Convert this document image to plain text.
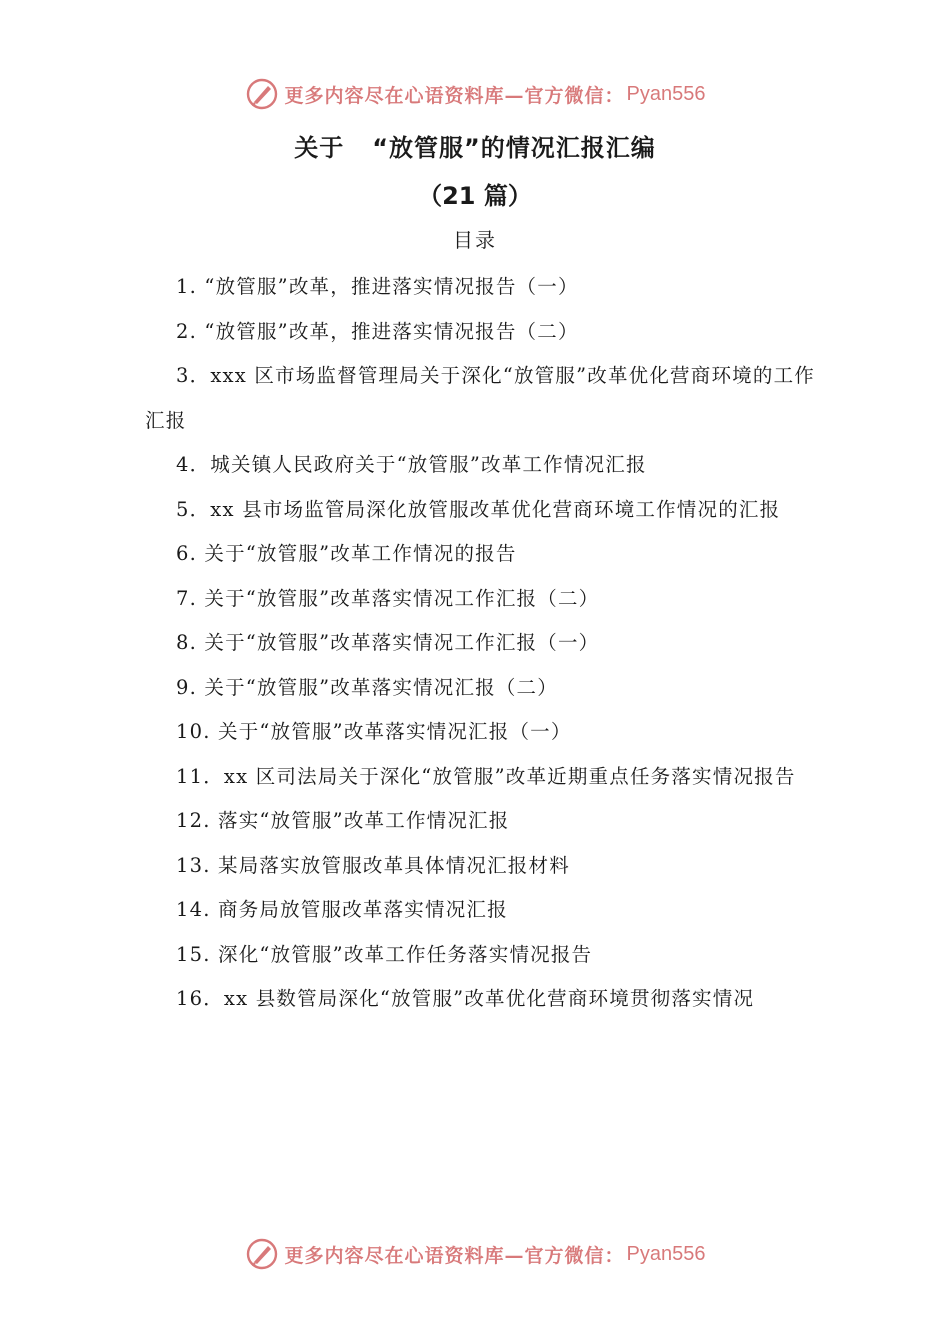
更多内容尽在心语资料库—官方微信： Pyan556
关于 “放管服”的情况汇报汇编
（21 篇）
目录

1. “放管服”改革，推进落实情况报告（一）

2. “放管服”改革，推进落实情况报告（二）

3．xxx 区市场监督管理局关于深化“放管服”改革优化营商环境的工作汇报

4．城关镇人民政府关于“放管服”改革工作情况汇报

5．xx 县市场监管局深化放管服改革优化营商环境工作情况的汇报

6. 关于“放管服”改革工作情况的报告

7. 关于“放管服”改革落实情况工作汇报（二）

8. 关于“放管服”改革落实情况工作汇报（一）

9. 关于“放管服”改革落实情况汇报（二）

10. 关于“放管服”改革落实情况汇报（一）

11．xx 区司法局关于深化“放管服”改革近期重点任务落实情况报告

12. 落实“放管服”改革工作情况汇报

13. 某局落实放管服改革具体情况汇报材料

14. 商务局放管服改革落实情况汇报

15. 深化“放管服”改革工作任务落实情况报告

16．xx 县数管局深化“放管服”改革优化营商环境贯彻落实情况

更多内容尽在心语资料库—官方微信： Pyan556
